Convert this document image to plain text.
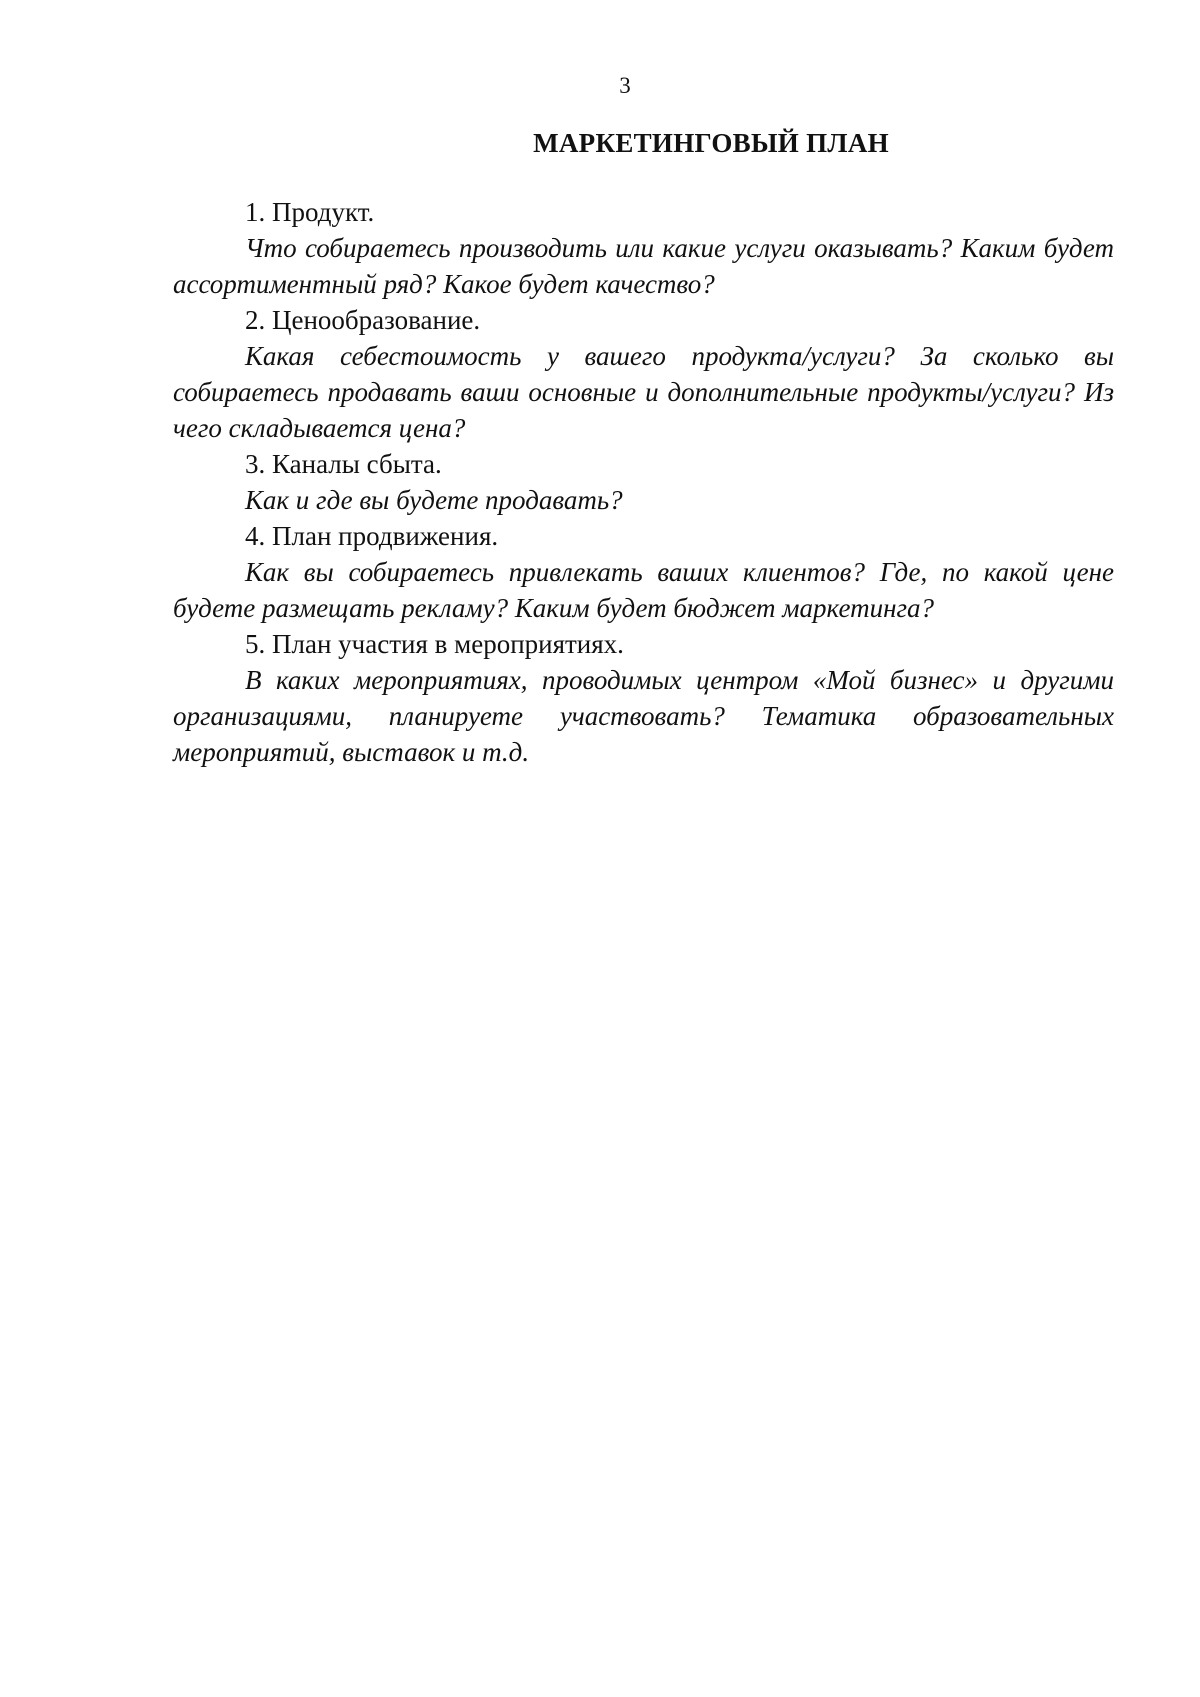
3
МАРКЕТИНГОВЫЙ ПЛАН

1. Продукт.

Что собираетесь производить или какие услуги оказывать? Каким будет ассортиментный ряд? Какое будет качество?

2. Ценообразование.

Какая себестоимость у вашего продукта/услуги? За сколько вы собираетесь продавать ваши основные и дополнительные продукты/услуги? Из чего складывается цена?

3. Каналы сбыта.

Как и где вы будете продавать?

4. План продвижения.

Как вы собираетесь привлекать ваших клиентов? Где, по какой цене будете размещать рекламу? Каким будет бюджет маркетинга?

5. План участия в мероприятиях.

В каких мероприятиях, проводимых центром «Мой бизнес» и другими организациями, планируете участвовать? Тематика образовательных мероприятий, выставок и т.д.
